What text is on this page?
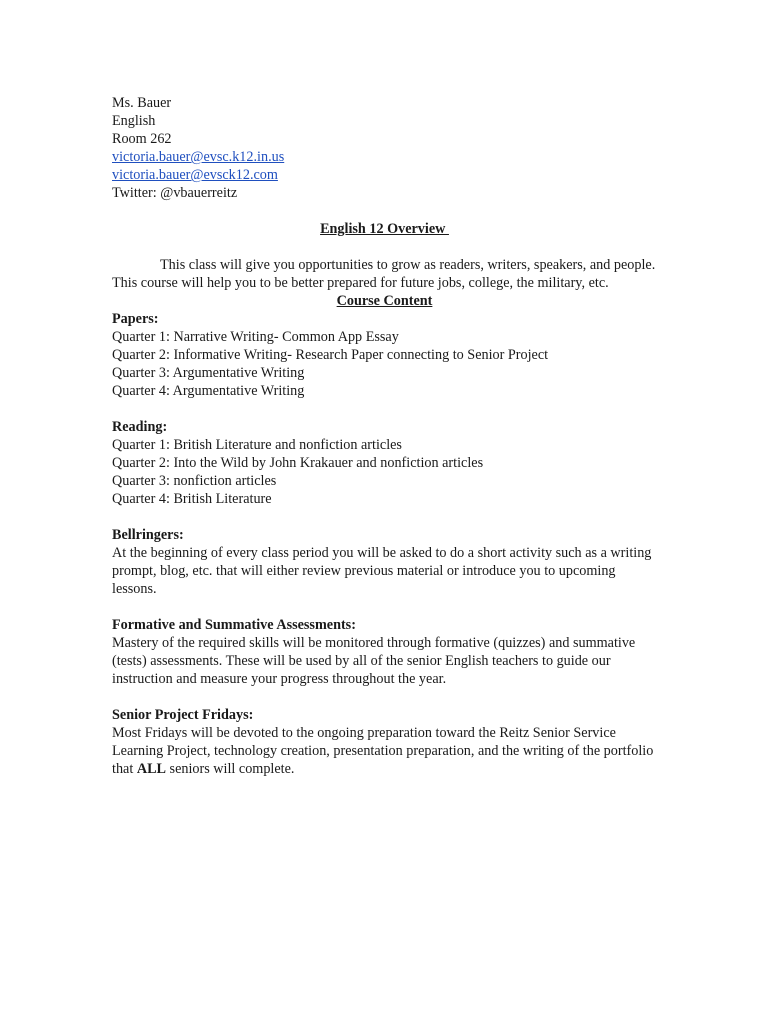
Ms. Bauer
English
Room 262
victoria.bauer@evsc.k12.in.us
victoria.bauer@evsck12.com
Twitter: @vbauerreitz
English 12 Overview
This class will give you opportunities to grow as readers, writers, speakers, and people. This course will help you to be better prepared for future jobs, college, the military, etc.
Course Content
Papers:
Quarter 1: Narrative Writing- Common App Essay
Quarter 2: Informative Writing- Research Paper connecting to Senior Project
Quarter 3: Argumentative Writing
Quarter 4: Argumentative Writing
Reading:
Quarter 1: British Literature and nonfiction articles
Quarter 2: Into the Wild by John Krakauer and nonfiction articles
Quarter 3: nonfiction articles
Quarter 4: British Literature
Bellringers:
At the beginning of every class period you will be asked to do a short activity such as a writing prompt, blog, etc. that will either review previous material or introduce you to upcoming lessons.
Formative and Summative Assessments:
Mastery of the required skills will be monitored through formative (quizzes) and summative (tests) assessments. These will be used by all of the senior English teachers to guide our instruction and measure your progress throughout the year.
Senior Project Fridays:
Most Fridays will be devoted to the ongoing preparation toward the Reitz Senior Service Learning Project, technology creation, presentation preparation, and the writing of the portfolio that ALL seniors will complete.
